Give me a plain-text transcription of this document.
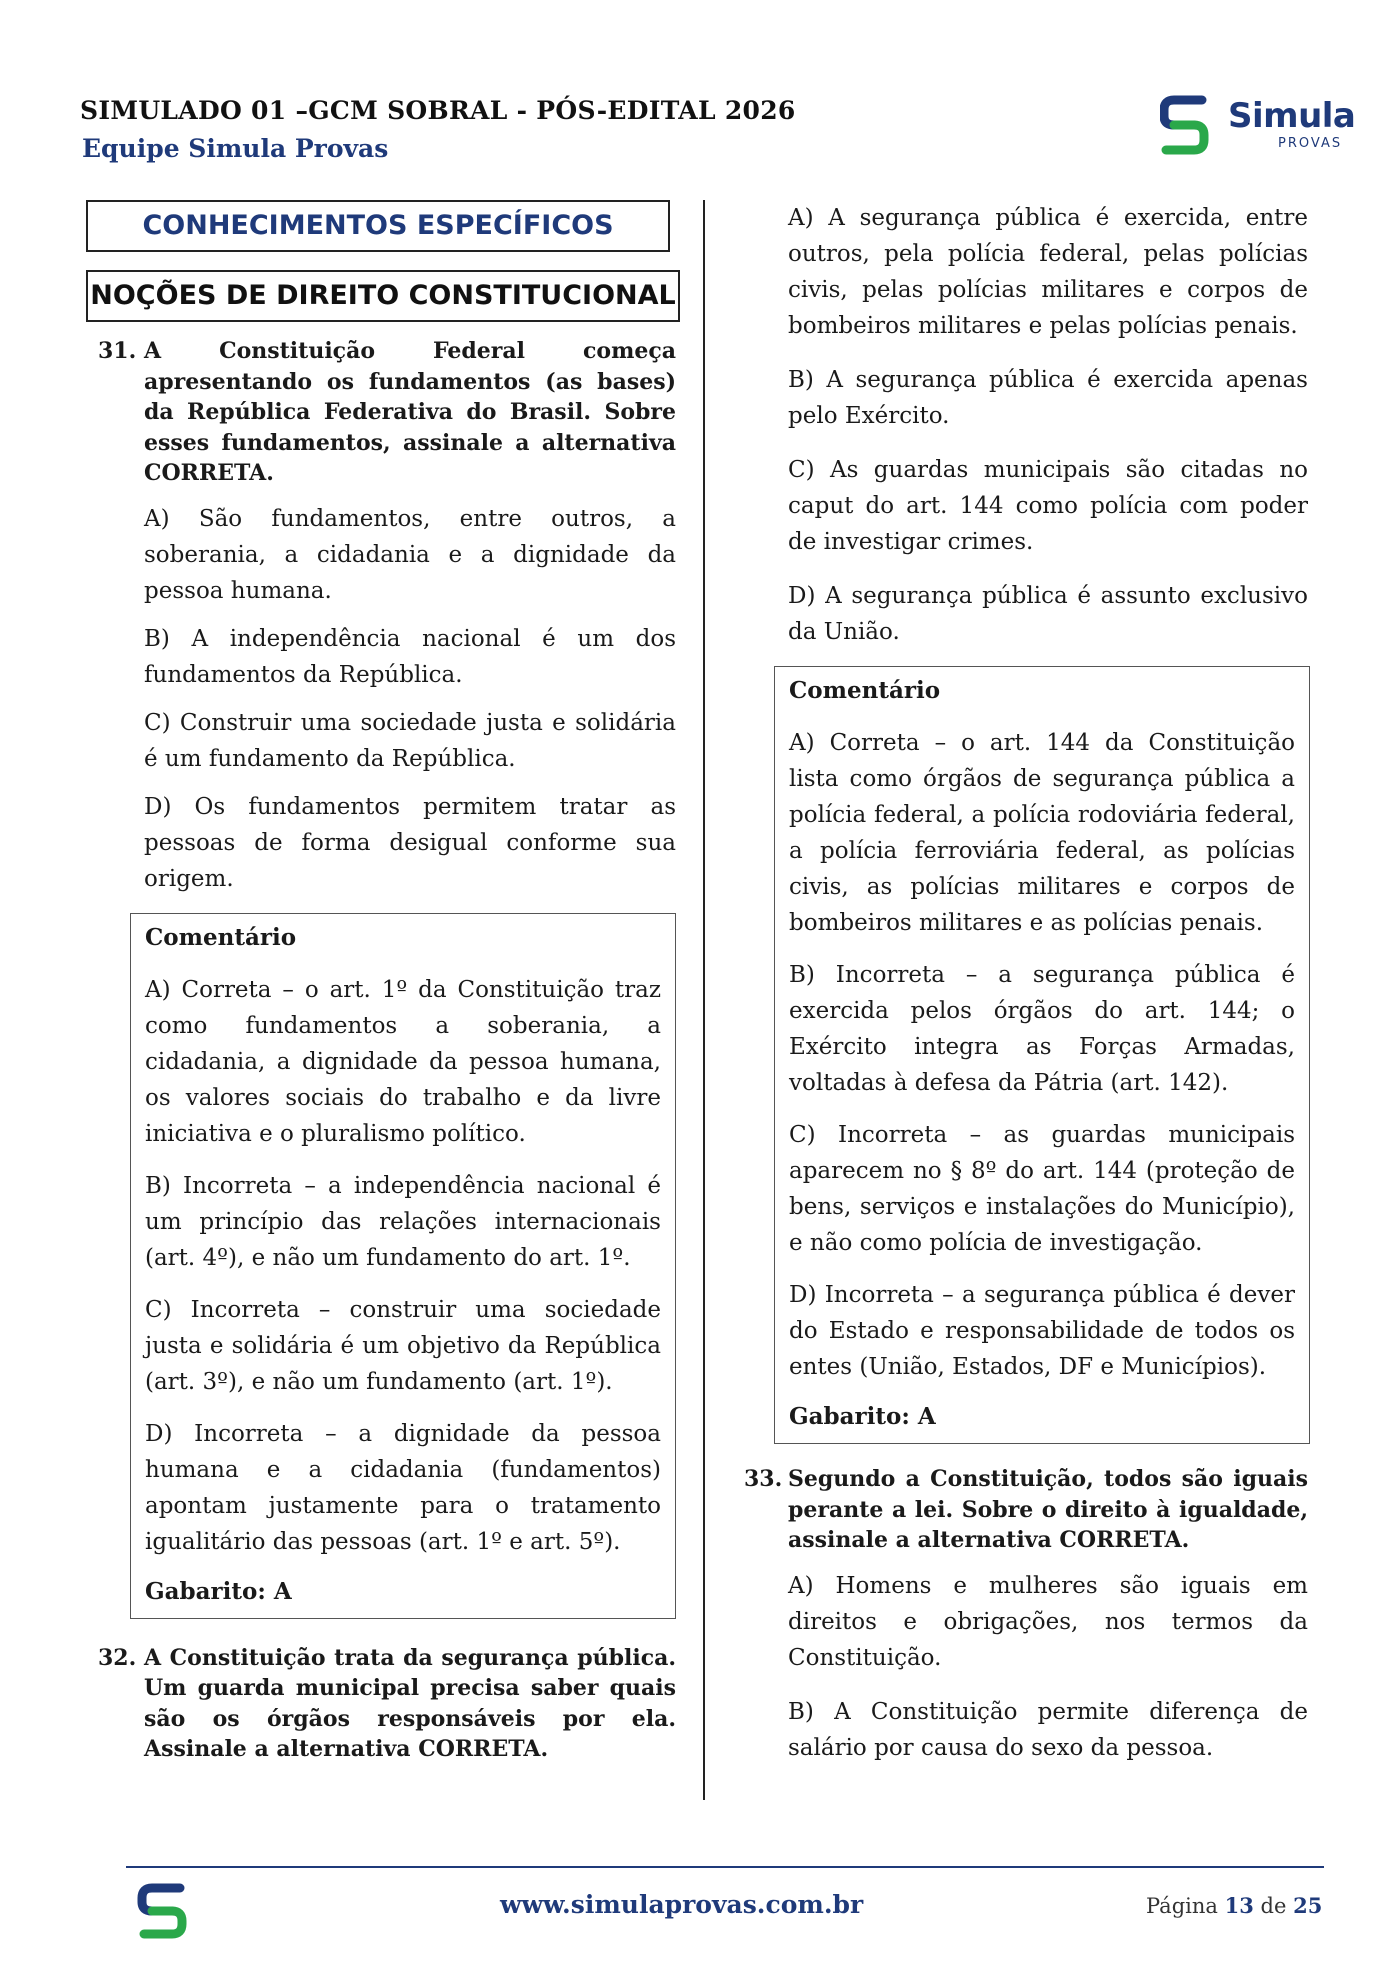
SIMULADO 01 –GCM SOBRAL - PÓS-EDITAL 2026
Equipe Simula Provas
Simula
PROVAS
CONHECIMENTOS ESPECÍFICOS
NOÇÕES DE DIREITO CONSTITUCIONAL
31. A Constituição Federal começa apresentando os fundamentos (as bases) da República Federativa do Brasil. Sobre esses fundamentos, assinale a alternativa CORRETA.

A) São fundamentos, entre outros, a soberania, a cidadania e a dignidade da pessoa humana.

B) A independência nacional é um dos fundamentos da República.

C) Construir uma sociedade justa e solidária é um fundamento da República.

D) Os fundamentos permitem tratar as pessoas de forma desigual conforme sua origem.

Comentário

A) Correta – o art. 1º da Constituição traz como fundamentos a soberania, a cidadania, a dignidade da pessoa humana, os valores sociais do trabalho e da livre iniciativa e o pluralismo político.

B) Incorreta – a independência nacional é um princípio das relações internacionais (art. 4º), e não um fundamento do art. 1º.

C) Incorreta – construir uma sociedade justa e solidária é um objetivo da República (art. 3º), e não um fundamento (art. 1º).

D) Incorreta – a dignidade da pessoa humana e a cidadania (fundamentos) apontam justamente para o tratamento igualitário das pessoas (art. 1º e art. 5º).

Gabarito: A

32. A Constituição trata da segurança pública. Um guarda municipal precisa saber quais são os órgãos responsáveis por ela. Assinale a alternativa CORRETA.

A) A segurança pública é exercida, entre outros, pela polícia federal, pelas polícias civis, pelas polícias militares e corpos de bombeiros militares e pelas polícias penais.

B) A segurança pública é exercida apenas pelo Exército.

C) As guardas municipais são citadas no caput do art. 144 como polícia com poder de investigar crimes.

D) A segurança pública é assunto exclusivo da União.

Comentário

A) Correta – o art. 144 da Constituição lista como órgãos de segurança pública a polícia federal, a polícia rodoviária federal, a polícia ferroviária federal, as polícias civis, as polícias militares e corpos de bombeiros militares e as polícias penais.

B) Incorreta – a segurança pública é exercida pelos órgãos do art. 144; o Exército integra as Forças Armadas, voltadas à defesa da Pátria (art. 142).

C) Incorreta – as guardas municipais aparecem no § 8º do art. 144 (proteção de bens, serviços e instalações do Município), e não como polícia de investigação.

D) Incorreta – a segurança pública é dever do Estado e responsabilidade de todos os entes (União, Estados, DF e Municípios).

Gabarito: A

33. Segundo a Constituição, todos são iguais perante a lei. Sobre o direito à igualdade, assinale a alternativa CORRETA.

A) Homens e mulheres são iguais em direitos e obrigações, nos termos da Constituição.

B) A Constituição permite diferença de salário por causa do sexo da pessoa.

www.simulaprovas.com.br	Página 13 de 25
